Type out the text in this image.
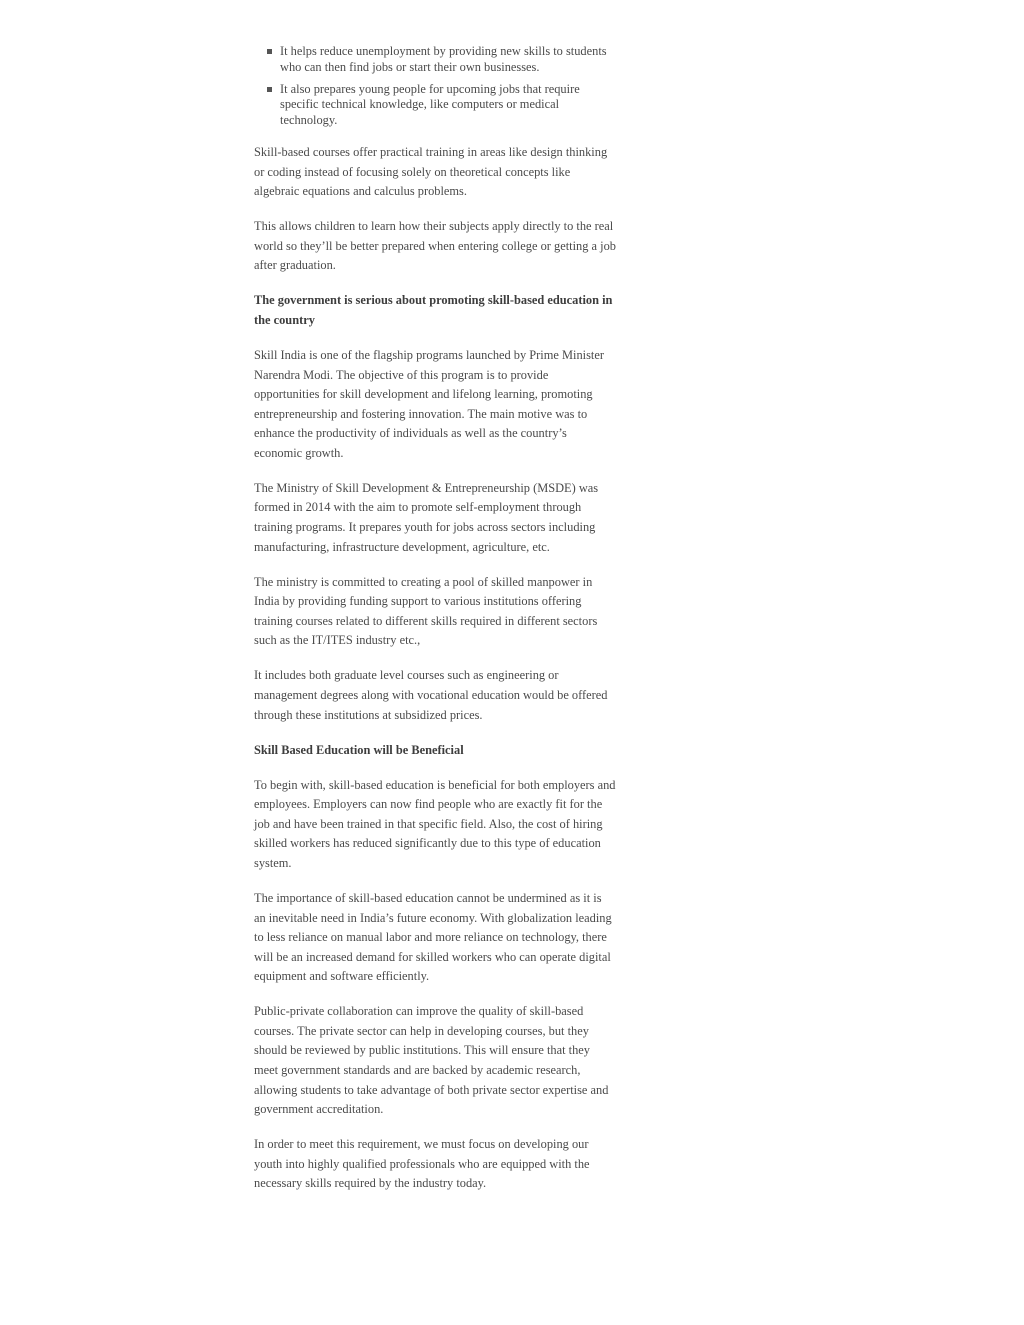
It helps reduce unemployment by providing new skills to students who can then find jobs or start their own businesses.
It also prepares young people for upcoming jobs that require specific technical knowledge, like computers or medical technology.

Skill-based courses offer practical training in areas like design thinking or coding instead of focusing solely on theoretical concepts like algebraic equations and calculus problems.

This allows children to learn how their subjects apply directly to the real world so they’ll be better prepared when entering college or getting a job after graduation.

The government is serious about promoting skill-based education in the country

Skill India is one of the flagship programs launched by Prime Minister Narendra Modi. The objective of this program is to provide opportunities for skill development and lifelong learning, promoting entrepreneurship and fostering innovation. The main motive was to enhance the productivity of individuals as well as the country’s economic growth.

The Ministry of Skill Development & Entrepreneurship (MSDE) was formed in 2014 with the aim to promote self-employment through training programs. It prepares youth for jobs across sectors including manufacturing, infrastructure development, agriculture, etc.

The ministry is committed to creating a pool of skilled manpower in India by providing funding support to various institutions offering training courses related to different skills required in different sectors such as the IT/ITES industry etc.,

It includes both graduate level courses such as engineering or management degrees along with vocational education would be offered through these institutions at subsidized prices.

Skill Based Education will be Beneficial

To begin with, skill-based education is beneficial for both employers and employees. Employers can now find people who are exactly fit for the job and have been trained in that specific field. Also, the cost of hiring skilled workers has reduced significantly due to this type of education system.

The importance of skill-based education cannot be undermined as it is an inevitable need in India’s future economy. With globalization leading to less reliance on manual labor and more reliance on technology, there will be an increased demand for skilled workers who can operate digital equipment and software efficiently.

Public-private collaboration can improve the quality of skill-based courses. The private sector can help in developing courses, but they should be reviewed by public institutions. This will ensure that they meet government standards and are backed by academic research, allowing students to take advantage of both private sector expertise and government accreditation.

In order to meet this requirement, we must focus on developing our youth into highly qualified professionals who are equipped with the necessary skills required by the industry today.
